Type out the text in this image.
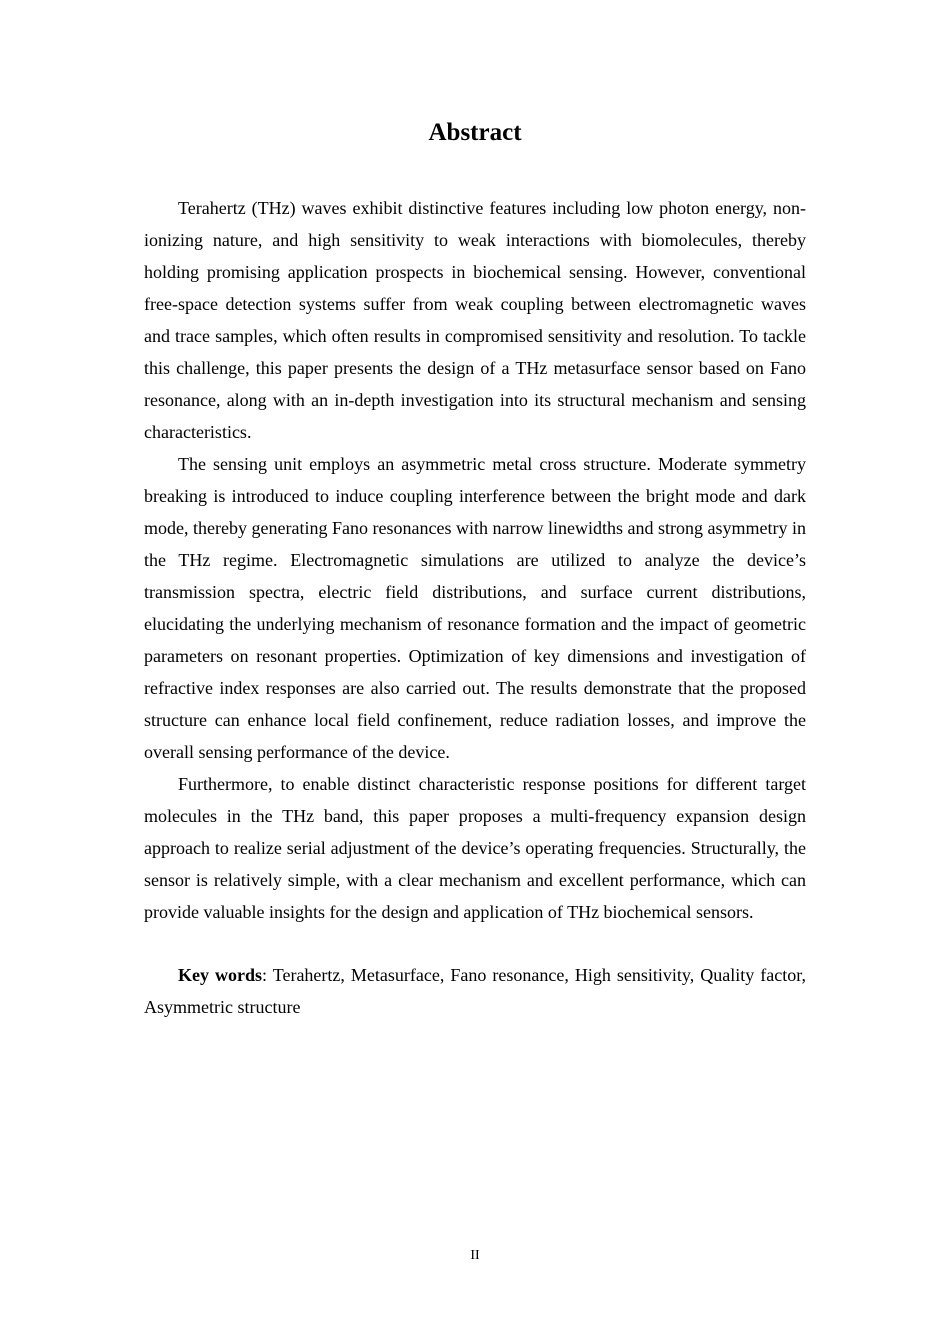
Abstract

Terahertz (THz) waves exhibit distinctive features including low photon energy, non-ionizing nature, and high sensitivity to weak interactions with biomolecules, thereby holding promising application prospects in biochemical sensing. However, conventional free-space detection systems suffer from weak coupling between electromagnetic waves and trace samples, which often results in compromised sensitivity and resolution. To tackle this challenge, this paper presents the design of a THz metasurface sensor based on Fano resonance, along with an in-depth investigation into its structural mechanism and sensing characteristics.

The sensing unit employs an asymmetric metal cross structure. Moderate symmetry breaking is introduced to induce coupling interference between the bright mode and dark mode, thereby generating Fano resonances with narrow linewidths and strong asymmetry in the THz regime. Electromagnetic simulations are utilized to analyze the device’s transmission spectra, electric field distributions, and surface current distributions, elucidating the underlying mechanism of resonance formation and the impact of geometric parameters on resonant properties. Optimization of key dimensions and investigation of refractive index responses are also carried out. The results demonstrate that the proposed structure can enhance local field confinement, reduce radiation losses, and improve the overall sensing performance of the device.

Furthermore, to enable distinct characteristic response positions for different target molecules in the THz band, this paper proposes a multi-frequency expansion design approach to realize serial adjustment of the device’s operating frequencies. Structurally, the sensor is relatively simple, with a clear mechanism and excellent performance, which can provide valuable insights for the design and application of THz biochemical sensors.

Key words: Terahertz, Metasurface, Fano resonance, High sensitivity, Quality factor, Asymmetric structure

II
